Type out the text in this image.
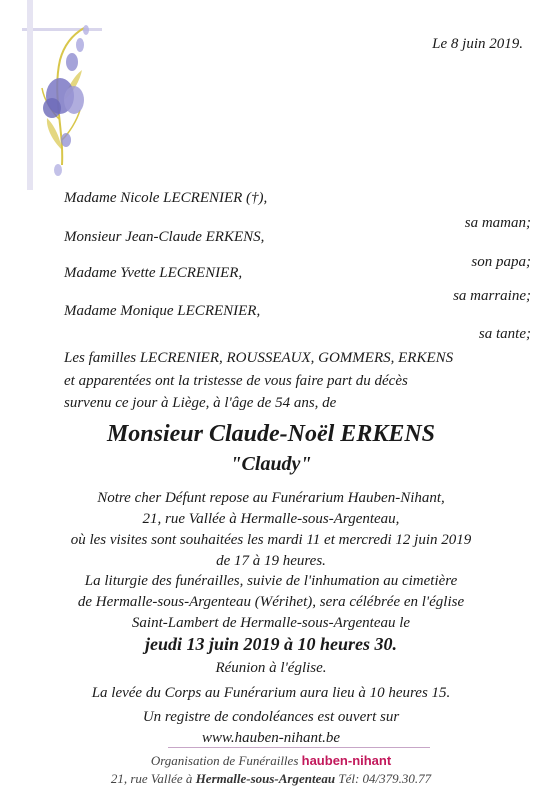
Le 8 juin 2019.
Madame Nicole LECRENIER (†),
sa maman;
Monsieur Jean-Claude ERKENS,
son papa;
Madame Yvette LECRENIER,
sa marraine;
Madame Monique LECRENIER,
sa tante;
Les familles LECRENIER, ROUSSEAUX, GOMMERS, ERKENS
et apparentées ont la tristesse de vous faire part du décès
survenu ce jour à Liège, à l'âge de 54 ans, de
Monsieur Claude-Noël ERKENS
"Claudy"
Notre cher Défunt repose au Funérarium Hauben-Nihant,
21, rue Vallée à Hermalle-sous-Argenteau,
où les visites sont souhaitées les mardi 11 et mercredi 12 juin 2019
de 17 à 19 heures.
La liturgie des funérailles, suivie de l'inhumation au cimetière
de Hermalle-sous-Argenteau (Wérihet), sera célébrée en l'église
Saint-Lambert de Hermalle-sous-Argenteau le
jeudi 13 juin 2019 à 10 heures 30.
Réunion à l'église.
La levée du Corps au Funérarium aura lieu à 10 heures 15.
Un registre de condoléances est ouvert sur
www.hauben-nihant.be
Organisation de Funérailles hauben-nihant
21, rue Vallée à Hermalle-sous-Argenteau Tél: 04/379.30.77
